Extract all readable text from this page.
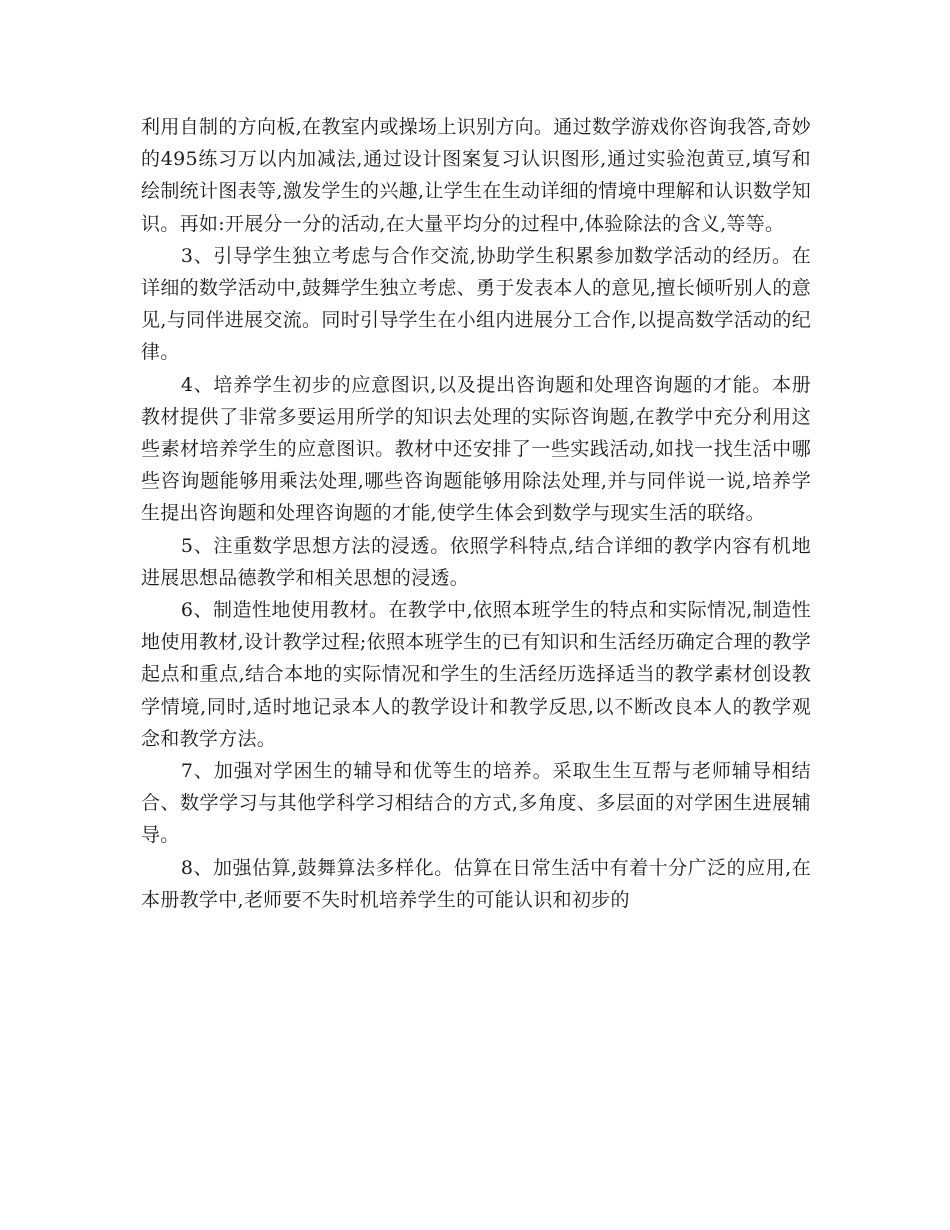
利用自制的方向板,在教室内或操场上识别方向。通过数学游戏你咨询我答,奇妙的495练习万以内加减法,通过设计图案复习认识图形,通过实验泡黄豆,填写和绘制统计图表等,激发学生的兴趣,让学生在生动详细的情境中理解和认识数学知识。再如:开展分一分的活动,在大量平均分的过程中,体验除法的含义,等等。

3、引导学生独立考虑与合作交流,协助学生积累参加数学活动的经历。在详细的数学活动中,鼓舞学生独立考虑、勇于发表本人的意见,擅长倾听别人的意见,与同伴进展交流。同时引导学生在小组内进展分工合作,以提高数学活动的纪律。

4、培养学生初步的应意图识,以及提出咨询题和处理咨询题的才能。本册教材提供了非常多要运用所学的知识去处理的实际咨询题,在教学中充分利用这些素材培养学生的应意图识。教材中还安排了一些实践活动,如找一找生活中哪些咨询题能够用乘法处理,哪些咨询题能够用除法处理,并与同伴说一说,培养学生提出咨询题和处理咨询题的才能,使学生体会到数学与现实生活的联络。

5、注重数学思想方法的浸透。依照学科特点,结合详细的教学内容有机地进展思想品德教学和相关思想的浸透。

6、制造性地使用教材。在教学中,依照本班学生的特点和实际情况,制造性地使用教材,设计教学过程;依照本班学生的已有知识和生活经历确定合理的教学起点和重点,结合本地的实际情况和学生的生活经历选择适当的教学素材创设教学情境,同时,适时地记录本人的教学设计和教学反思,以不断改良本人的教学观念和教学方法。

7、加强对学困生的辅导和优等生的培养。采取生生互帮与老师辅导相结合、数学学习与其他学科学习相结合的方式,多角度、多层面的对学困生进展辅导。

8、加强估算,鼓舞算法多样化。估算在日常生活中有着十分广泛的应用,在本册教学中,老师要不失时机培养学生的可能认识和初步的
